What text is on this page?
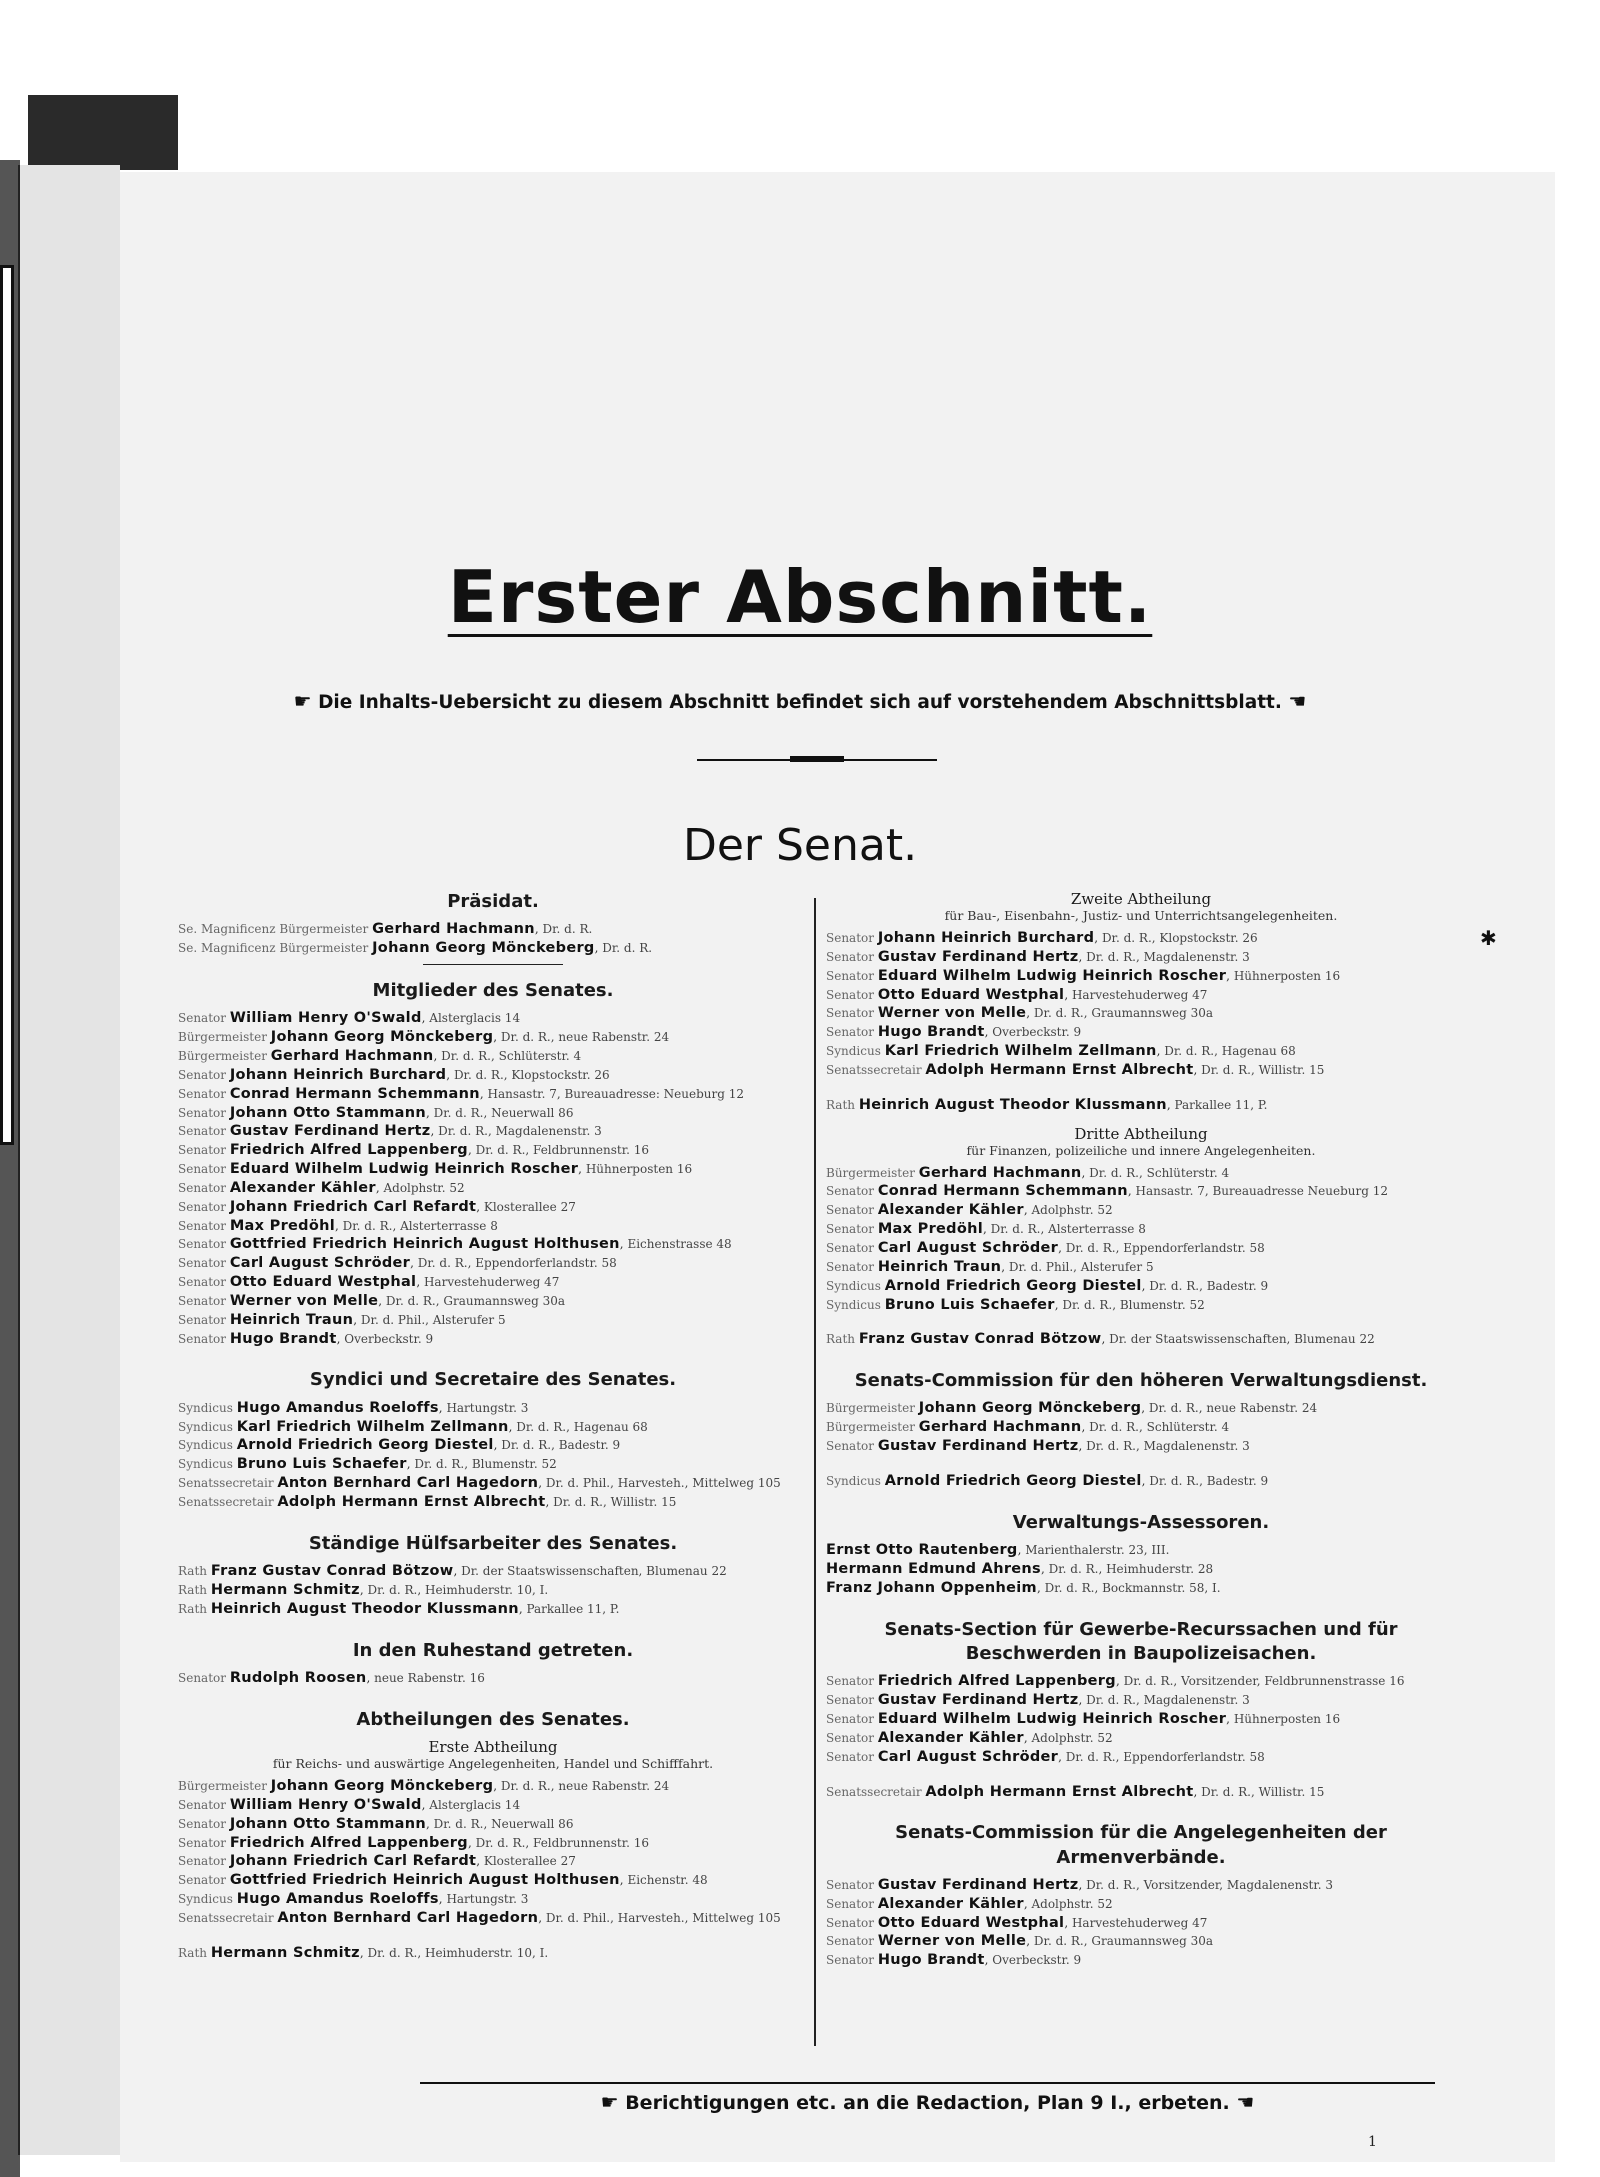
Erster Abschnitt.
☛ Die Inhalts-Uebersicht zu diesem Abschnitt befindet sich auf vorstehendem Abschnittsblatt. ☚
Der Senat.
✱
Präsidat.
Se. Magnificenz Bürgermeister Gerhard Hachmann, Dr. d. R.
Se. Magnificenz Bürgermeister Johann Georg Mönckeberg, Dr. d. R.
Mitglieder des Senates.
Senator William Henry O'Swald, Alsterglacis 14
Bürgermeister Johann Georg Mönckeberg, Dr. d. R., neue Rabenstr. 24
Bürgermeister Gerhard Hachmann, Dr. d. R., Schlüterstr. 4
Senator Johann Heinrich Burchard, Dr. d. R., Klopstockstr. 26
Senator Conrad Hermann Schemmann, Hansastr. 7, Bureauadresse: Neueburg 12
Senator Johann Otto Stammann, Dr. d. R., Neuerwall 86
Senator Gustav Ferdinand Hertz, Dr. d. R., Magdalenenstr. 3
Senator Friedrich Alfred Lappenberg, Dr. d. R., Feldbrunnenstr. 16
Senator Eduard Wilhelm Ludwig Heinrich Roscher, Hühnerposten 16
Senator Alexander Kähler, Adolphstr. 52
Senator Johann Friedrich Carl Refardt, Klosterallee 27
Senator Max Predöhl, Dr. d. R., Alsterterrasse 8
Senator Gottfried Friedrich Heinrich August Holthusen, Eichenstrasse 48
Senator Carl August Schröder, Dr. d. R., Eppendorferlandstr. 58
Senator Otto Eduard Westphal, Harvestehuderweg 47
Senator Werner von Melle, Dr. d. R., Graumannsweg 30a
Senator Heinrich Traun, Dr. d. Phil., Alsterufer 5
Senator Hugo Brandt, Overbeckstr. 9
Syndici und Secretaire des Senates.
Syndicus Hugo Amandus Roeloffs, Hartungstr. 3
Syndicus Karl Friedrich Wilhelm Zellmann, Dr. d. R., Hagenau 68
Syndicus Arnold Friedrich Georg Diestel, Dr. d. R., Badestr. 9
Syndicus Bruno Luis Schaefer, Dr. d. R., Blumenstr. 52
Senatssecretair Anton Bernhard Carl Hagedorn, Dr. d. Phil., Harvesteh., Mittelweg 105
Senatssecretair Adolph Hermann Ernst Albrecht, Dr. d. R., Willistr. 15
Ständige Hülfsarbeiter des Senates.
Rath Franz Gustav Conrad Bötzow, Dr. der Staatswissenschaften, Blumenau 22
Rath Hermann Schmitz, Dr. d. R., Heimhuderstr. 10, I.
Rath Heinrich August Theodor Klussmann, Parkallee 11, P.
In den Ruhestand getreten.
Senator Rudolph Roosen, neue Rabenstr. 16
Abtheilungen des Senates.
Erste Abtheilung
für Reichs- und auswärtige Angelegenheiten, Handel und Schifffahrt.
Bürgermeister Johann Georg Mönckeberg, Dr. d. R., neue Rabenstr. 24
Senator William Henry O'Swald, Alsterglacis 14
Senator Johann Otto Stammann, Dr. d. R., Neuerwall 86
Senator Friedrich Alfred Lappenberg, Dr. d. R., Feldbrunnenstr. 16
Senator Johann Friedrich Carl Refardt, Klosterallee 27
Senator Gottfried Friedrich Heinrich August Holthusen, Eichenstr. 48
Syndicus Hugo Amandus Roeloffs, Hartungstr. 3
Senatssecretair Anton Bernhard Carl Hagedorn, Dr. d. Phil., Harvesteh., Mittelweg 105
Rath Hermann Schmitz, Dr. d. R., Heimhuderstr. 10, I.
Zweite Abtheilung
für Bau-, Eisenbahn-, Justiz- und Unterrichtsangelegenheiten.
Senator Johann Heinrich Burchard, Dr. d. R., Klopstockstr. 26
Senator Gustav Ferdinand Hertz, Dr. d. R., Magdalenenstr. 3
Senator Eduard Wilhelm Ludwig Heinrich Roscher, Hühnerposten 16
Senator Otto Eduard Westphal, Harvestehuderweg 47
Senator Werner von Melle, Dr. d. R., Graumannsweg 30a
Senator Hugo Brandt, Overbeckstr. 9
Syndicus Karl Friedrich Wilhelm Zellmann, Dr. d. R., Hagenau 68
Senatssecretair Adolph Hermann Ernst Albrecht, Dr. d. R., Willistr. 15
Rath Heinrich August Theodor Klussmann, Parkallee 11, P.
Dritte Abtheilung
für Finanzen, polizeiliche und innere Angelegenheiten.
Bürgermeister Gerhard Hachmann, Dr. d. R., Schlüterstr. 4
Senator Conrad Hermann Schemmann, Hansastr. 7, Bureauadresse Neueburg 12
Senator Alexander Kähler, Adolphstr. 52
Senator Max Predöhl, Dr. d. R., Alsterterrasse 8
Senator Carl August Schröder, Dr. d. R., Eppendorferlandstr. 58
Senator Heinrich Traun, Dr. d. Phil., Alsterufer 5
Syndicus Arnold Friedrich Georg Diestel, Dr. d. R., Badestr. 9
Syndicus Bruno Luis Schaefer, Dr. d. R., Blumenstr. 52
Rath Franz Gustav Conrad Bötzow, Dr. der Staatswissenschaften, Blumenau 22
Senats-Commission für den höheren Verwaltungsdienst.
Bürgermeister Johann Georg Mönckeberg, Dr. d. R., neue Rabenstr. 24
Bürgermeister Gerhard Hachmann, Dr. d. R., Schlüterstr. 4
Senator Gustav Ferdinand Hertz, Dr. d. R., Magdalenenstr. 3
Syndicus Arnold Friedrich Georg Diestel, Dr. d. R., Badestr. 9
Verwaltungs-Assessoren.
Ernst Otto Rautenberg, Marienthalerstr. 23, III.
Hermann Edmund Ahrens, Dr. d. R., Heimhuderstr. 28
Franz Johann Oppenheim, Dr. d. R., Bockmannstr. 58, I.
Senats-Section für Gewerbe-Recurssachen und für Beschwerden in Baupolizeisachen.
Senator Friedrich Alfred Lappenberg, Dr. d. R., Vorsitzender, Feldbrunnenstrasse 16
Senator Gustav Ferdinand Hertz, Dr. d. R., Magdalenenstr. 3
Senator Eduard Wilhelm Ludwig Heinrich Roscher, Hühnerposten 16
Senator Alexander Kähler, Adolphstr. 52
Senator Carl August Schröder, Dr. d. R., Eppendorferlandstr. 58
Senatssecretair Adolph Hermann Ernst Albrecht, Dr. d. R., Willistr. 15
Senats-Commission für die Angelegenheiten der Armenverbände.
Senator Gustav Ferdinand Hertz, Dr. d. R., Vorsitzender, Magdalenenstr. 3
Senator Alexander Kähler, Adolphstr. 52
Senator Otto Eduard Westphal, Harvestehuderweg 47
Senator Werner von Melle, Dr. d. R., Graumannsweg 30a
Senator Hugo Brandt, Overbeckstr. 9
☛ Berichtigungen etc. an die Redaction, Plan 9 I., erbeten. ☚
1
